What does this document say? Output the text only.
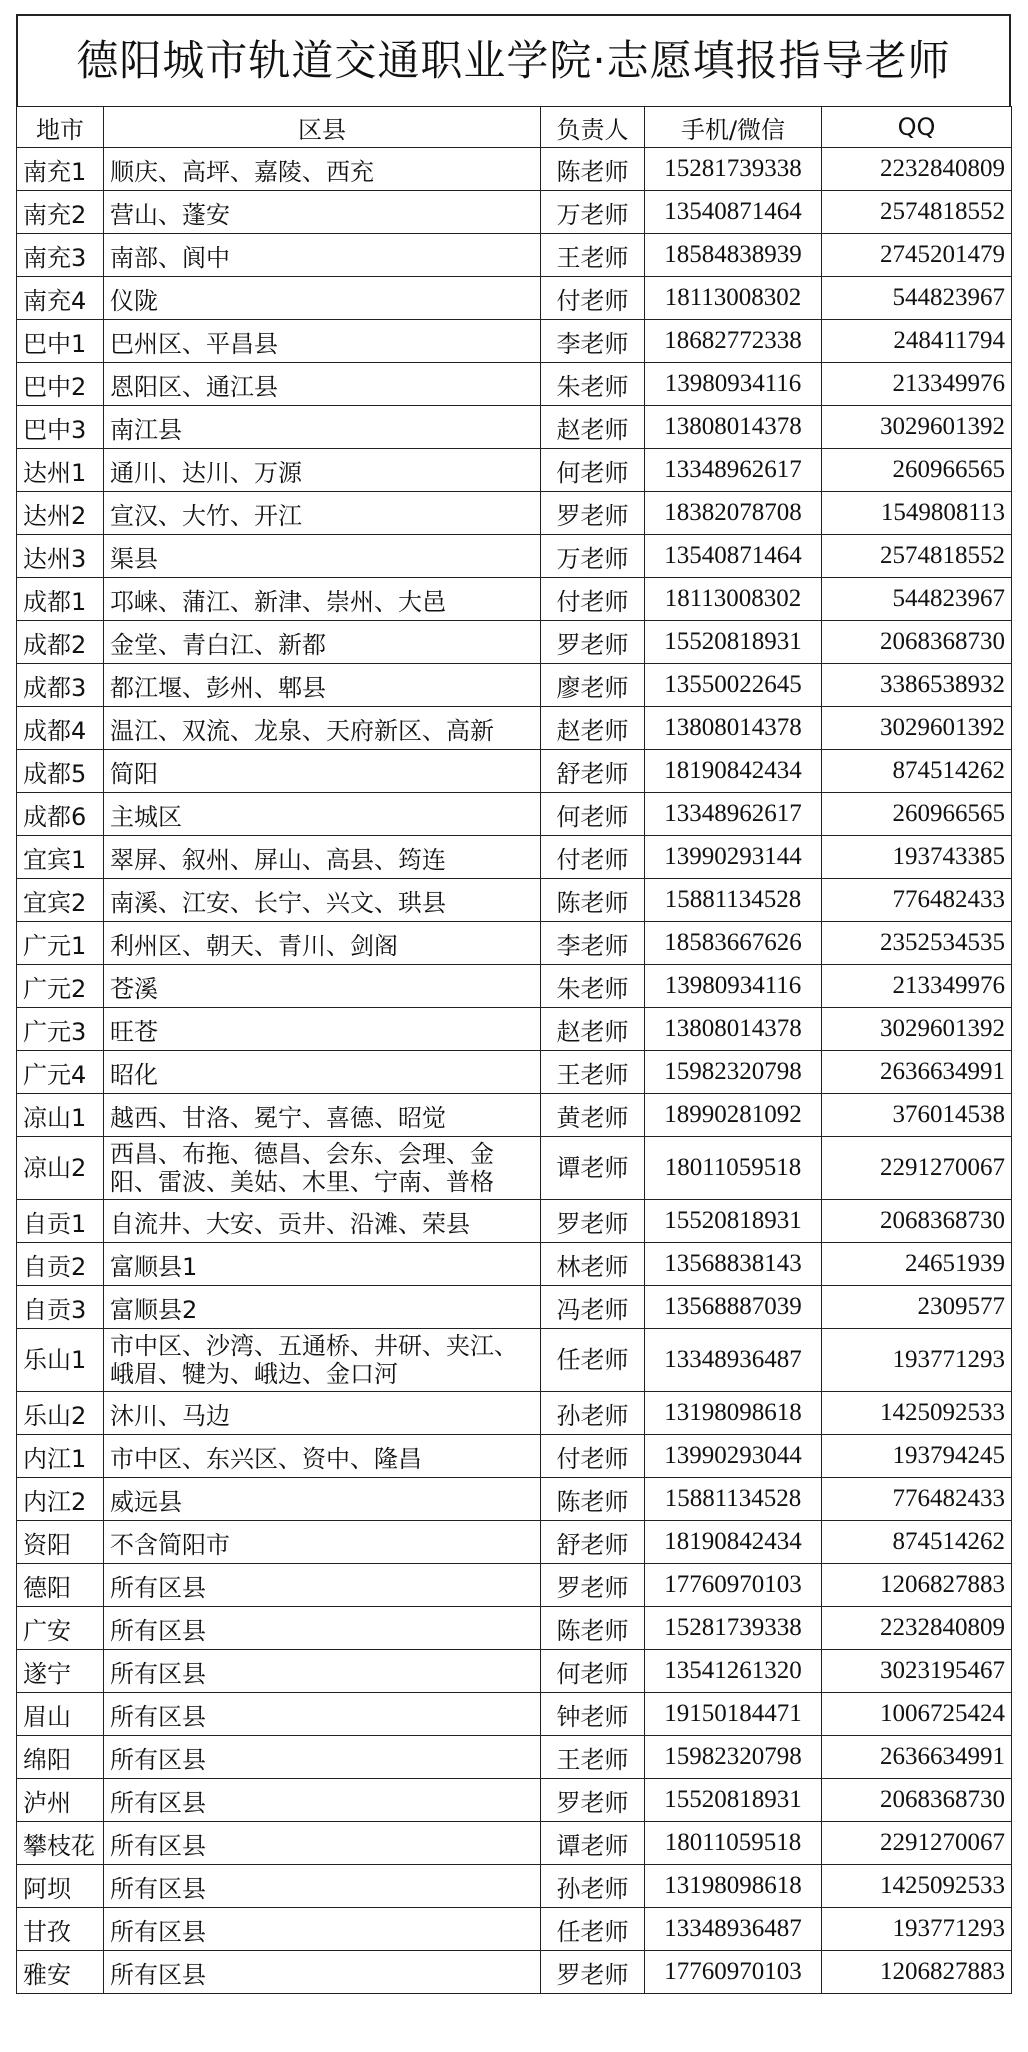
德阳城市轨道交通职业学院·志愿填报指导老师
地市	区县	负责人	手机/微信	QQ
南充1	顺庆、高坪、嘉陵、西充	陈老师	15281739338	2232840809
南充2	营山、蓬安	万老师	13540871464	2574818552
南充3	南部、阆中	王老师	18584838939	2745201479
南充4	仪陇	付老师	18113008302	544823967
巴中1	巴州区、平昌县	李老师	18682772338	248411794
巴中2	恩阳区、通江县	朱老师	13980934116	213349976
巴中3	南江县	赵老师	13808014378	3029601392
达州1	通川、达川、万源	何老师	13348962617	260966565
达州2	宣汉、大竹、开江	罗老师	18382078708	1549808113
达州3	渠县	万老师	13540871464	2574818552
成都1	邛崃、蒲江、新津、崇州、大邑	付老师	18113008302	544823967
成都2	金堂、青白江、新都	罗老师	15520818931	2068368730
成都3	都江堰、彭州、郫县	廖老师	13550022645	3386538932
成都4	温江、双流、龙泉、天府新区、高新	赵老师	13808014378	3029601392
成都5	简阳	舒老师	18190842434	874514262
成都6	主城区	何老师	13348962617	260966565
宜宾1	翠屏、叙州、屏山、高县、筠连	付老师	13990293144	193743385
宜宾2	南溪、江安、长宁、兴文、珙县	陈老师	15881134528	776482433
广元1	利州区、朝天、青川、剑阁	李老师	18583667626	2352534535
广元2	苍溪	朱老师	13980934116	213349976
广元3	旺苍	赵老师	13808014378	3029601392
广元4	昭化	王老师	15982320798	2636634991
凉山1	越西、甘洛、冕宁、喜德、昭觉	黄老师	18990281092	376014538
凉山2	西昌、布拖、德昌、会东、会理、金阳、雷波、美姑、木里、宁南、普格	谭老师	18011059518	2291270067
自贡1	自流井、大安、贡井、沿滩、荣县	罗老师	15520818931	2068368730
自贡2	富顺县1	林老师	13568838143	24651939
自贡3	富顺县2	冯老师	13568887039	2309577
乐山1	市中区、沙湾、五通桥、井研、夹江、峨眉、犍为、峨边、金口河	任老师	13348936487	193771293
乐山2	沐川、马边	孙老师	13198098618	1425092533
内江1	市中区、东兴区、资中、隆昌	付老师	13990293044	193794245
内江2	威远县	陈老师	15881134528	776482433
资阳	不含简阳市	舒老师	18190842434	874514262
德阳	所有区县	罗老师	17760970103	1206827883
广安	所有区县	陈老师	15281739338	2232840809
遂宁	所有区县	何老师	13541261320	3023195467
眉山	所有区县	钟老师	19150184471	1006725424
绵阳	所有区县	王老师	15982320798	2636634991
泸州	所有区县	罗老师	15520818931	2068368730
攀枝花	所有区县	谭老师	18011059518	2291270067
阿坝	所有区县	孙老师	13198098618	1425092533
甘孜	所有区县	任老师	13348936487	193771293
雅安	所有区县	罗老师	17760970103	1206827883
